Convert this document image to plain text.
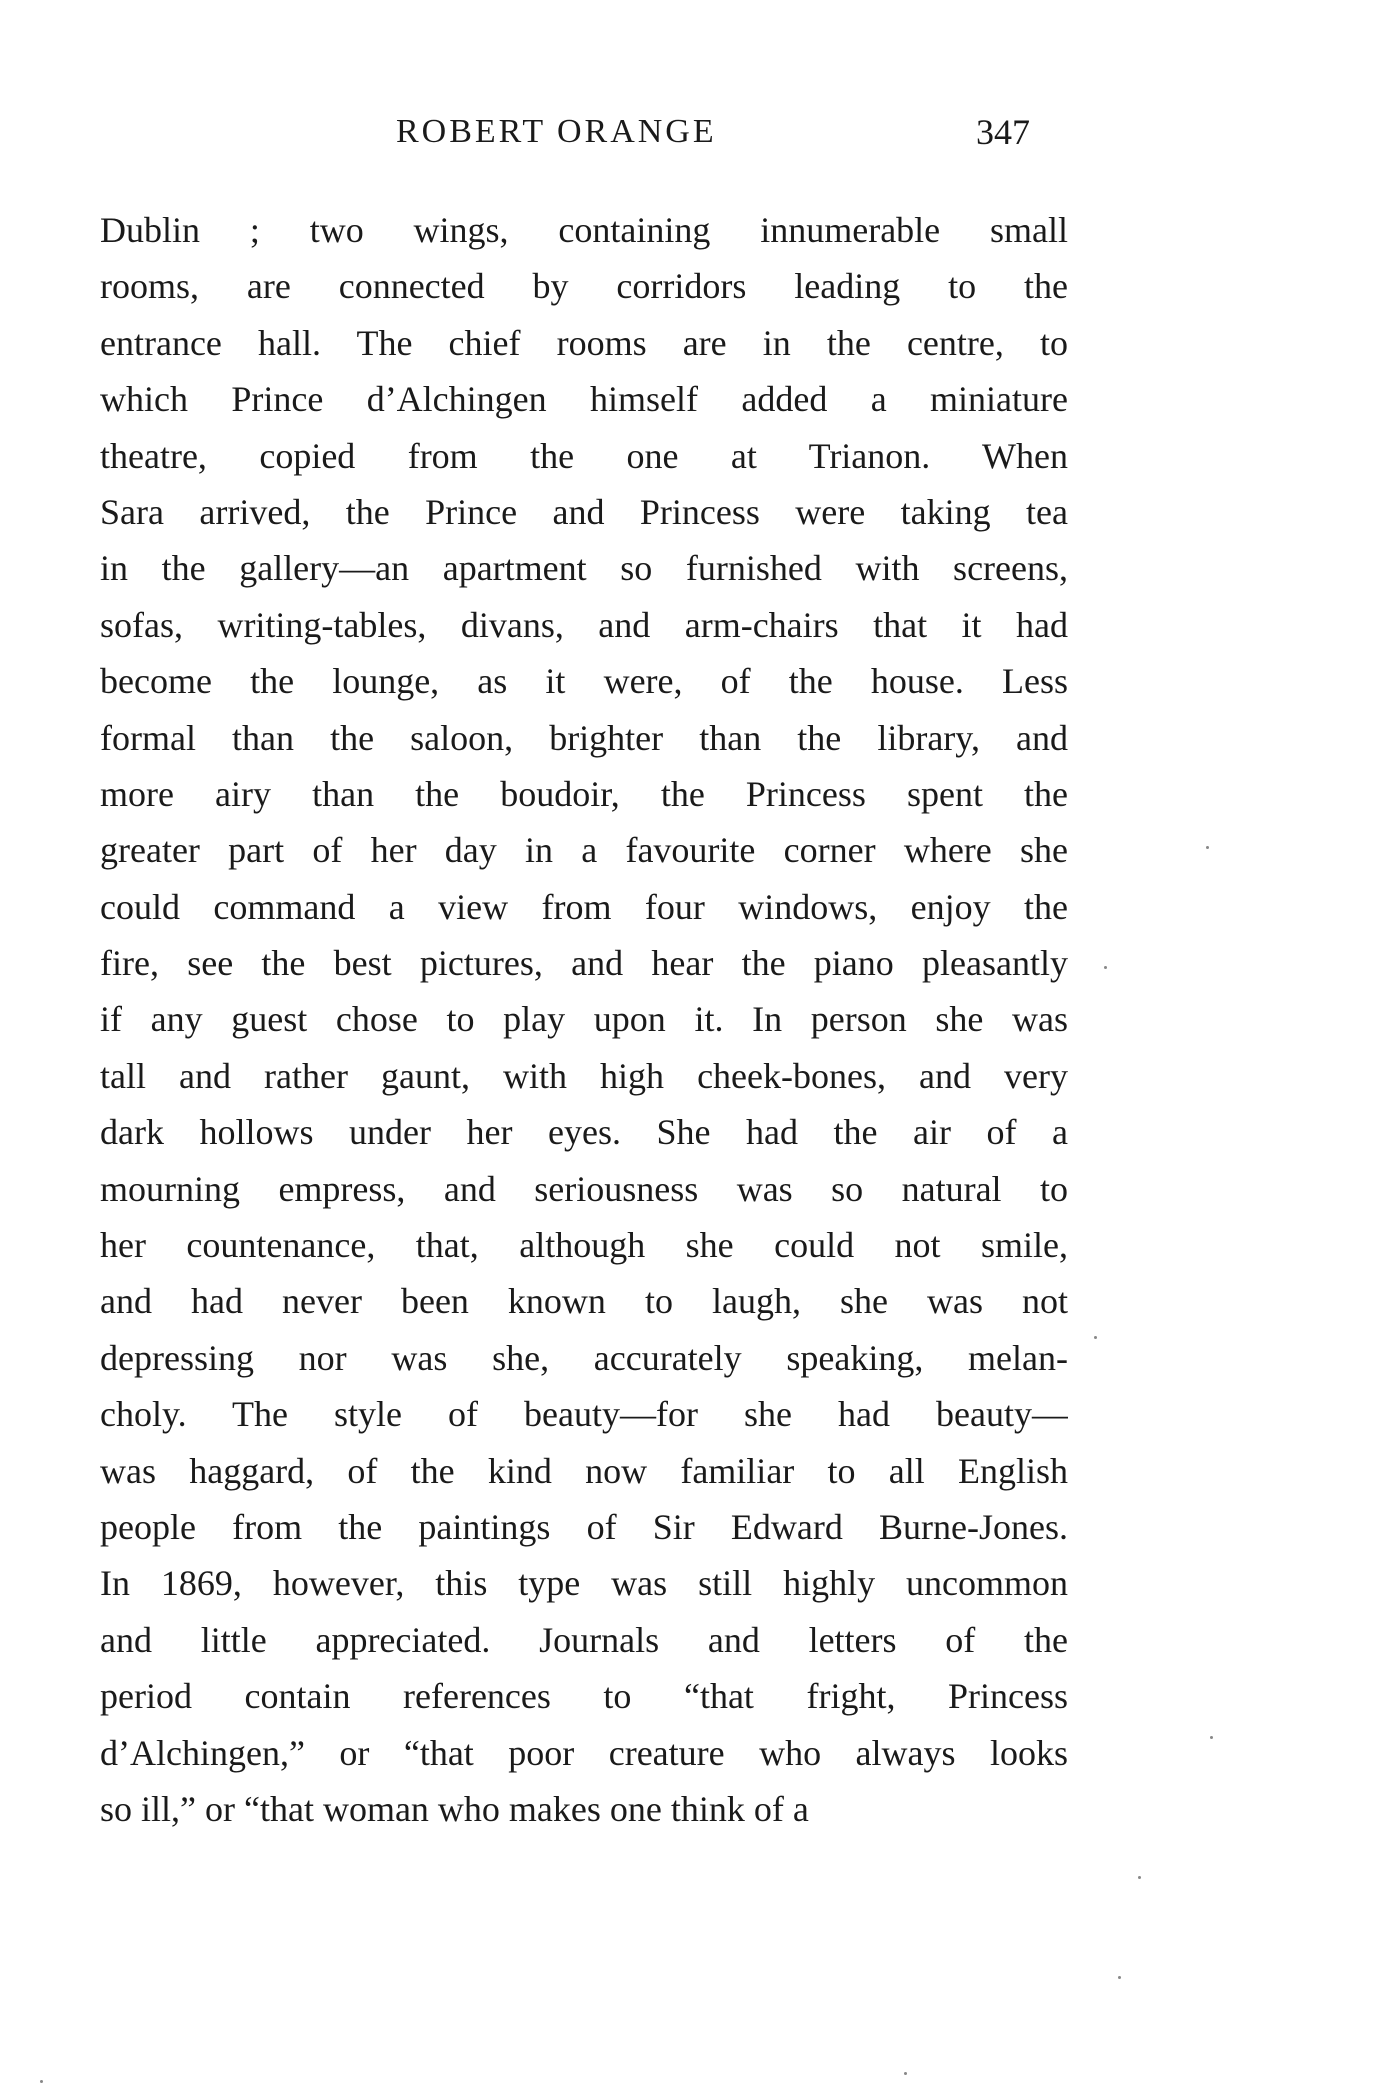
ROBERT ORANGE	347
Dublin ; two wings, containing innumerable small
rooms, are connected by corridors leading to the
entrance hall. The chief rooms are in the centre, to
which Prince d’Alchingen himself added a miniature
theatre, copied from the one at Trianon. When
Sara arrived, the Prince and Princess were taking tea
in the gallery—an apartment so furnished with screens,
sofas, writing-tables, divans, and arm-chairs that it had
become the lounge, as it were, of the house. Less
formal than the saloon, brighter than the library, and
more airy than the boudoir, the Princess spent the
greater part of her day in a favourite corner where she
could command a view from four windows, enjoy the
fire, see the best pictures, and hear the piano pleasantly
if any guest chose to play upon it. In person she was
tall and rather gaunt, with high cheek-bones, and very
dark hollows under her eyes. She had the air of a
mourning empress, and seriousness was so natural to
her countenance, that, although she could not smile,
and had never been known to laugh, she was not
depressing nor was she, accurately speaking, melan-
choly. The style of beauty—for she had beauty—
was haggard, of the kind now familiar to all English
people from the paintings of Sir Edward Burne-Jones.
In 1869, however, this type was still highly uncommon
and little appreciated. Journals and letters of the
period contain references to “that fright, Princess
d’Alchingen,” or “that poor creature who always looks
so ill,” or “that woman who makes one think of a
